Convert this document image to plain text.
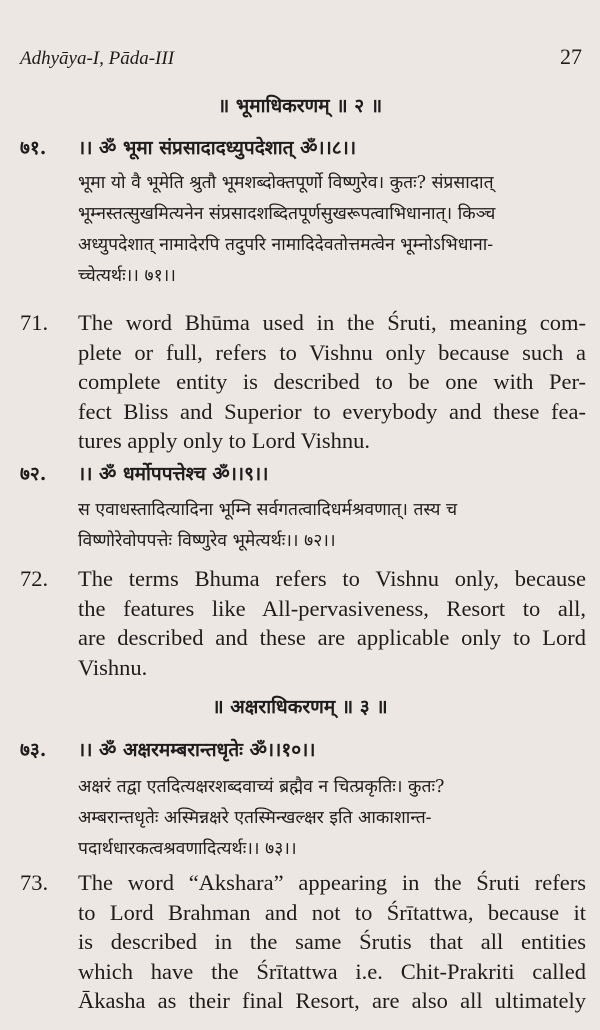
Adhyāya-I, Pāda-III	27
॥ भूमाधिकरणम् ॥ २ ॥
७१.	।। ॐ भूमा संप्रसादादध्युपदेशात् ॐ।।८।।
भूमा यो वै भूमेति श्रुतौ भूमशब्दोक्तपूर्णो विष्णुरेव। कुतः? संप्रसादात्
भूम्नस्तत्सुखमित्यनेन संप्रसादशब्दितपूर्णसुखरूपत्वाभिधानात्। किञ्च
अध्युपदेशात् नामादेरपि तदुपरि नामादिदेवतोत्तमत्वेन भूम्नोऽभिधाना-
च्चेत्यर्थः।। ७१।।
71.	The word Bhūma used in the Śruti, meaning com-
plete or full, refers to Vishnu only because such a
complete entity is described to be one with Per-
fect Bliss and Superior to everybody and these fea-
tures apply only to Lord Vishnu.
७२.	।। ॐ धर्मोपपत्तेश्च ॐ।।९।।
स एवाधस्तादित्यादिना भूम्नि सर्वगतत्वादिधर्मश्रवणात्। तस्य च
विष्णोरेवोपपत्तेः विष्णुरेव भूमेत्यर्थः।। ७२।।
72.	The terms Bhuma refers to Vishnu only, because
the features like All-pervasiveness, Resort to all,
are described and these are applicable only to Lord
Vishnu.
॥ अक्षराधिकरणम् ॥ ३ ॥
७३.	।। ॐ अक्षरमम्बरान्तधृतेः ॐ।।१०।।
अक्षरं तद्वा एतदित्यक्षरशब्दवाच्यं ब्रह्मैव न चित्प्रकृतिः। कुतः?
अम्बरान्तधृतेः अस्मिन्नक्षरे एतस्मिन्खल्क्षर इति आकाशान्त-
पदार्थधारकत्वश्रवणादित्यर्थः।। ७३।।
73.	The word “Akshara” appearing in the Śruti refers
to Lord Brahman and not to Śrītattwa, because it
is described in the same Śrutis that all entities
which have the Śrītattwa i.e. Chit-Prakriti called
Ākasha as their final Resort, are also all ultimately
